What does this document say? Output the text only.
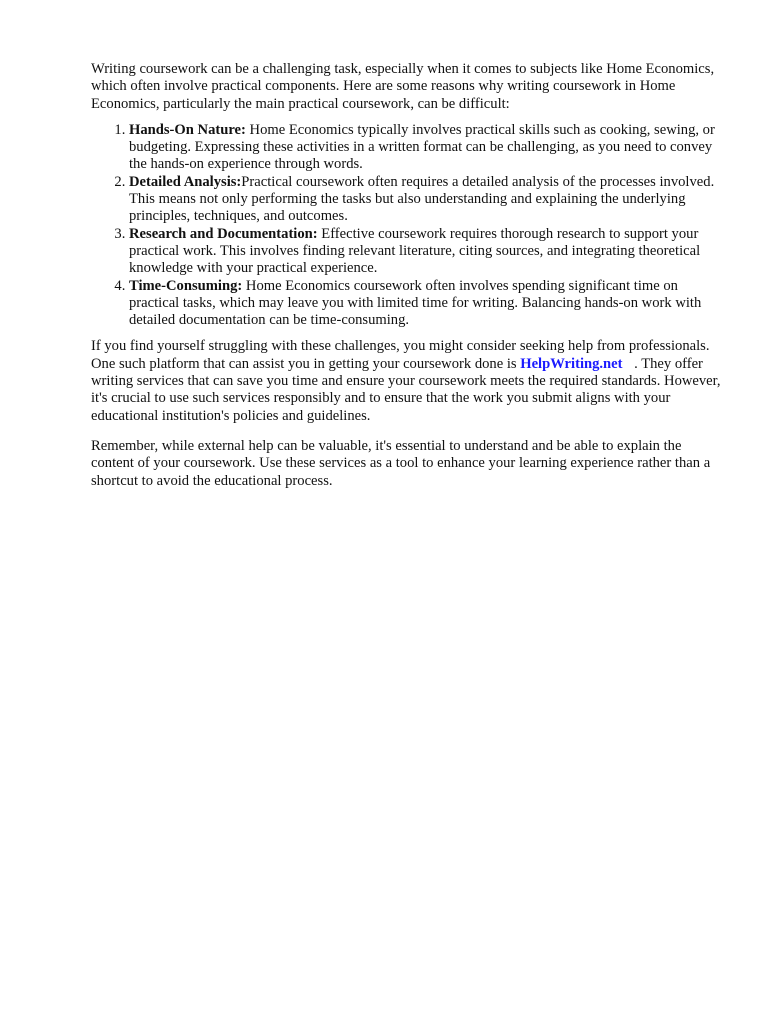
Writing coursework can be a challenging task, especially when it comes to subjects like Home Economics, which often involve practical components. Here are some reasons why writing coursework in Home Economics, particularly the main practical coursework, can be difficult:

1. Hands-On Nature: Home Economics typically involves practical skills such as cooking, sewing, or budgeting. Expressing these activities in a written format can be challenging, as you need to convey the hands-on experience through words.
2. Detailed Analysis:Practical coursework often requires a detailed analysis of the processes involved. This means not only performing the tasks but also understanding and explaining the underlying principles, techniques, and outcomes.
3. Research and Documentation: Effective coursework requires thorough research to support your practical work. This involves finding relevant literature, citing sources, and integrating theoretical knowledge with your practical experience.
4. Time-Consuming: Home Economics coursework often involves spending significant time on practical tasks, which may leave you with limited time for writing. Balancing hands-on work with detailed documentation can be time-consuming.

If you find yourself struggling with these challenges, you might consider seeking help from professionals. One such platform that can assist you in getting your coursework done is HelpWriting.net . They offer writing services that can save you time and ensure your coursework meets the required standards. However, it's crucial to use such services responsibly and to ensure that the work you submit aligns with your educational institution's policies and guidelines.

Remember, while external help can be valuable, it's essential to understand and be able to explain the content of your coursework. Use these services as a tool to enhance your learning experience rather than a shortcut to avoid the educational process.
